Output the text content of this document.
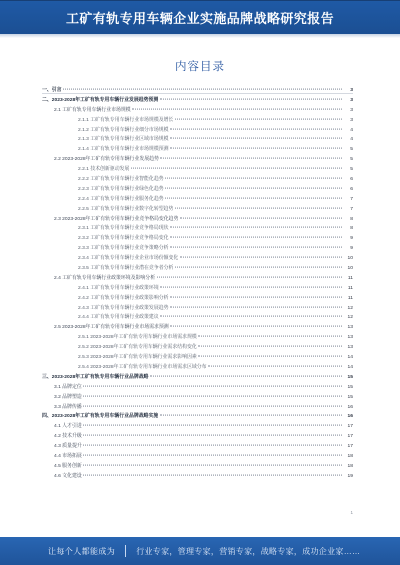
工矿有轨专用车辆企业实施品牌战略研究报告
内容目录
一、引言	3
二、2023-2028年工矿有轨专用车辆行业发展趋势预测	3
2.1 工矿有轨专用车辆行业市场规模	3
2.1.1 工矿有轨专用车辆行业市场规模及增长	3
2.1.2 工矿有轨专用车辆行业细分市场规模	4
2.1.3 工矿有轨专用车辆行业区域市场规模	4
2.1.4 工矿有轨专用车辆行业市场规模预测	5
2.2 2023-2028年工矿有轨专用车辆行业发展趋势	5
2.2.1 技术创新驱动发展	5
2.2.2 工矿有轨专用车辆行业智能化趋势	6
2.2.3 工矿有轨专用车辆行业绿色化趋势	6
2.2.4 工矿有轨专用车辆行业服务化趋势	7
2.2.5 工矿有轨专用车辆行业数字化转型趋势	7
2.3 2023-2028年工矿有轨专用车辆行业竞争格局变化趋势	8
2.3.1 工矿有轨专用车辆行业竞争格局现状	8
2.3.2 工矿有轨专用车辆行业竞争格局变化	9
2.3.3 工矿有轨专用车辆行业竞争策略分析	9
2.3.4 工矿有轨专用车辆行业企业市场份额变化	10
2.3.5 工矿有轨专用车辆行业潜在竞争者分析	10
2.4 工矿有轨专用车辆行业政策环境及影响分析	11
2.4.1 工矿有轨专用车辆行业政策环境	11
2.4.2 工矿有轨专用车辆行业政策影响分析	11
2.4.3 工矿有轨专用车辆行业政策发展趋势	12
2.4.4 工矿有轨专用车辆行业政策建议	12
2.5 2023-2028年工矿有轨专用车辆行业市场需求预测	13
2.5.1 2023-2028年工矿有轨专用车辆行业市场需求规模	13
2.5.2 2023-2028年工矿有轨专用车辆行业需求结构变化	13
2.5.3 2023-2028年工矿有轨专用车辆行业需求影响因素	14
2.5.4 2023-2028年工矿有轨专用车辆行业市场需求区域分布	14
三、2023-2028年工矿有轨专用车辆行业品牌战略	15
3.1 品牌定位	15
3.2 品牌塑造	15
3.3 品牌传播	16
四、2023-2028年工矿有轨专用车辆行业品牌战略实施	16
4.1 人才引进	17
4.2 技术升级	17
4.3 质量提升	17
4.4 市场拓展	18
4.5 服务创新	18
4.6 文化建设	19
1
让每个人都能成为	行业专家，管理专家，营销专家，战略专家，成功企业家……
